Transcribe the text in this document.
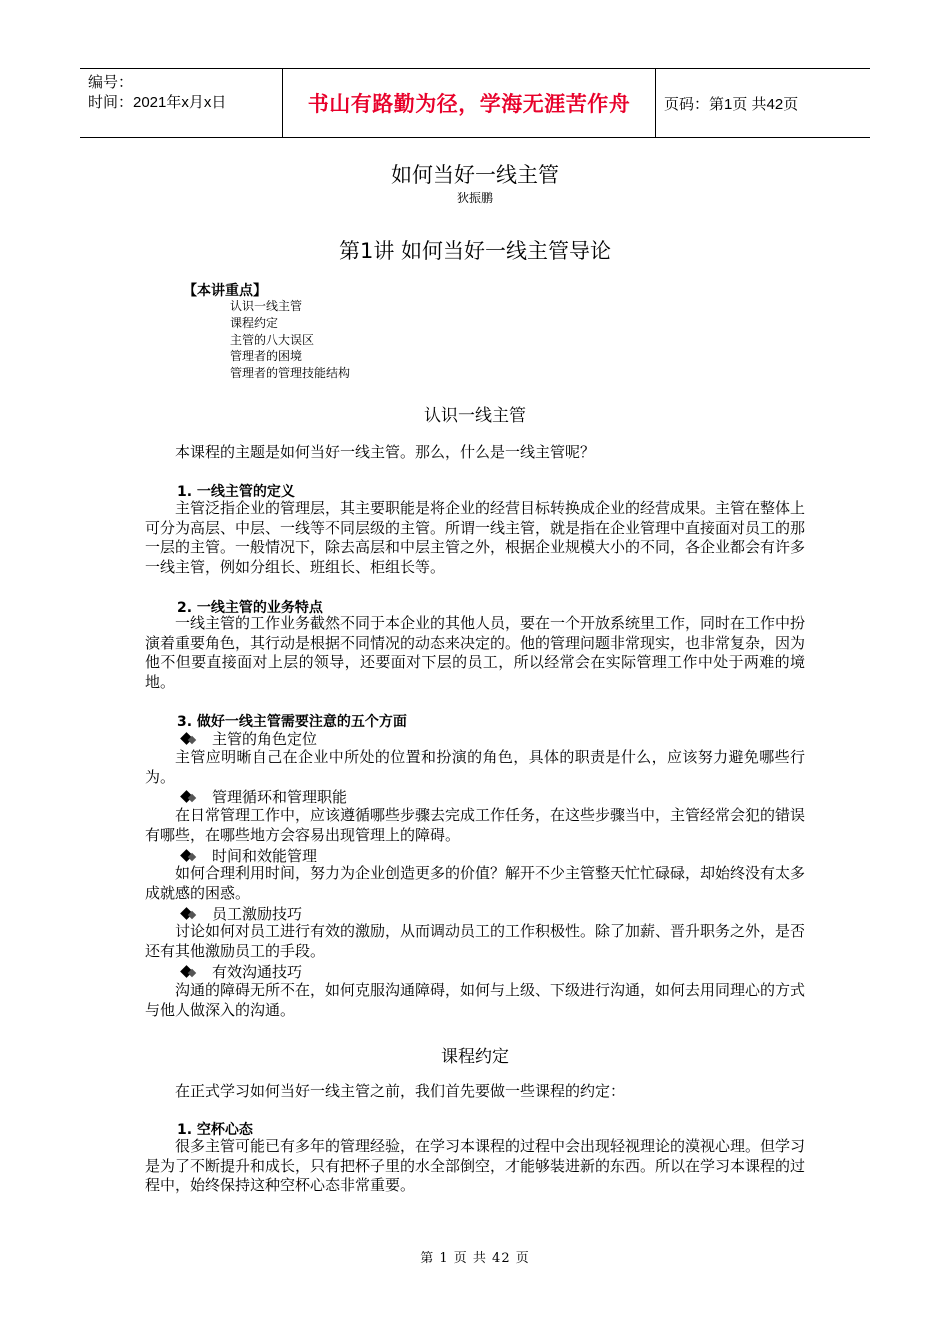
编号：
时间：2021年x月x日	书山有路勤为径，学海无涯苦作舟	页码：第1页 共42页
如何当好一线主管
狄振鹏
第1讲 如何当好一线主管导论
【本讲重点】
认识一线主管
课程约定
主管的八大误区
管理者的困境
管理者的管理技能结构
认识一线主管

本课程的主题是如何当好一线主管。那么，什么是一线主管呢？

1. 一线主管的定义

主管泛指企业的管理层，其主要职能是将企业的经营目标转换成企业的经营成果。主管在整体上可分为高层、中层、一线等不同层级的主管。所谓一线主管，就是指在企业管理中直接面对员工的那一层的主管。一般情况下，除去高层和中层主管之外，根据企业规模大小的不同，各企业都会有许多一线主管，例如分组长、班组长、柜组长等。

2. 一线主管的业务特点

一线主管的工作业务截然不同于本企业的其他人员，要在一个开放系统里工作，同时在工作中扮演着重要角色，其行动是根据不同情况的动态来决定的。他的管理问题非常现实，也非常复杂，因为他不但要直接面对上层的领导，还要面对下层的员工，所以经常会在实际管理工作中处于两难的境地。

3. 做好一线主管需要注意的五个方面
主管的角色定位

主管应明晰自己在企业中所处的位置和扮演的角色，具体的职责是什么，应该努力避免哪些行为。

管理循环和管理职能

在日常管理工作中，应该遵循哪些步骤去完成工作任务，在这些步骤当中，主管经常会犯的错误有哪些，在哪些地方会容易出现管理上的障碍。

时间和效能管理

如何合理利用时间，努力为企业创造更多的价值？解开不少主管整天忙忙碌碌，却始终没有太多成就感的困惑。

员工激励技巧

讨论如何对员工进行有效的激励，从而调动员工的工作积极性。除了加薪、晋升职务之外，是否还有其他激励员工的手段。

有效沟通技巧

沟通的障碍无所不在，如何克服沟通障碍，如何与上级、下级进行沟通，如何去用同理心的方式与他人做深入的沟通。

课程约定

在正式学习如何当好一线主管之前，我们首先要做一些课程的约定：

1. 空杯心态

很多主管可能已有多年的管理经验，在学习本课程的过程中会出现轻视理论的漠视心理。但学习是为了不断提升和成长，只有把杯子里的水全部倒空，才能够装进新的东西。所以在学习本课程的过程中，始终保持这种空杯心态非常重要。

第 1 页 共 42 页
